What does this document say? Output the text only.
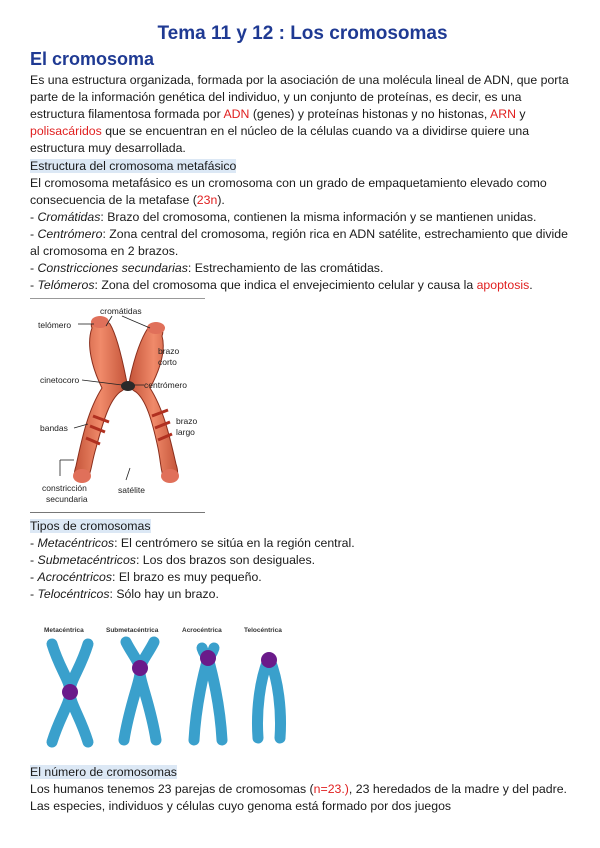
Tema 11 y 12 : Los cromosomas
El cromosoma

Es una estructura organizada, formada por la asociación de una molécula lineal de ADN, que porta parte de la información genética del individuo, y un conjunto de proteínas, es decir, es una estructura filamentosa formada por ADN (genes) y proteínas histonas y no histonas, ARN y polisacáridos que se encuentran en el núcleo de la células cuando va a dividirse quiere una estructura muy desarrollada.

Estructura del cromosoma metafásico

El cromosoma metafásico es un cromosoma con un grado de empaquetamiento elevado como consecuencia de la metafase (23n).

- Cromátidas: Brazo del cromosoma, contienen la misma información y se mantienen unidas.

- Centrómero: Zona central del cromosoma, región rica en ADN satélite, estrechamiento que divide al cromosoma en 2 brazos.

- Constricciones secundarias: Estrechamiento de las cromátidas.

- Telómeros: Zona del cromosoma que indica el envejecimiento celular y causa la apoptosis.

cromátidas
telómero
brazo
corto
cinetocoro	centrómero
bandas
brazo
largo
constricción
secundaria
satélite

Tipos de cromosomas

- Metacéntricos: El centrómero se sitúa en la región central.

- Submetacéntricos: Los dos brazos son desiguales.

- Acrocéntricos: El brazo es muy pequeño.

- Telocéntricos: Sólo hay un brazo.

Metacéntrica	Submetacéntrica	Acrocéntrica	Telocéntrica

El número de cromosomas

Los humanos tenemos 23 parejas de cromosomas (n=23.), 23 heredados de la madre y del padre. Las especies, individuos y células cuyo genoma está formado por dos juegos
